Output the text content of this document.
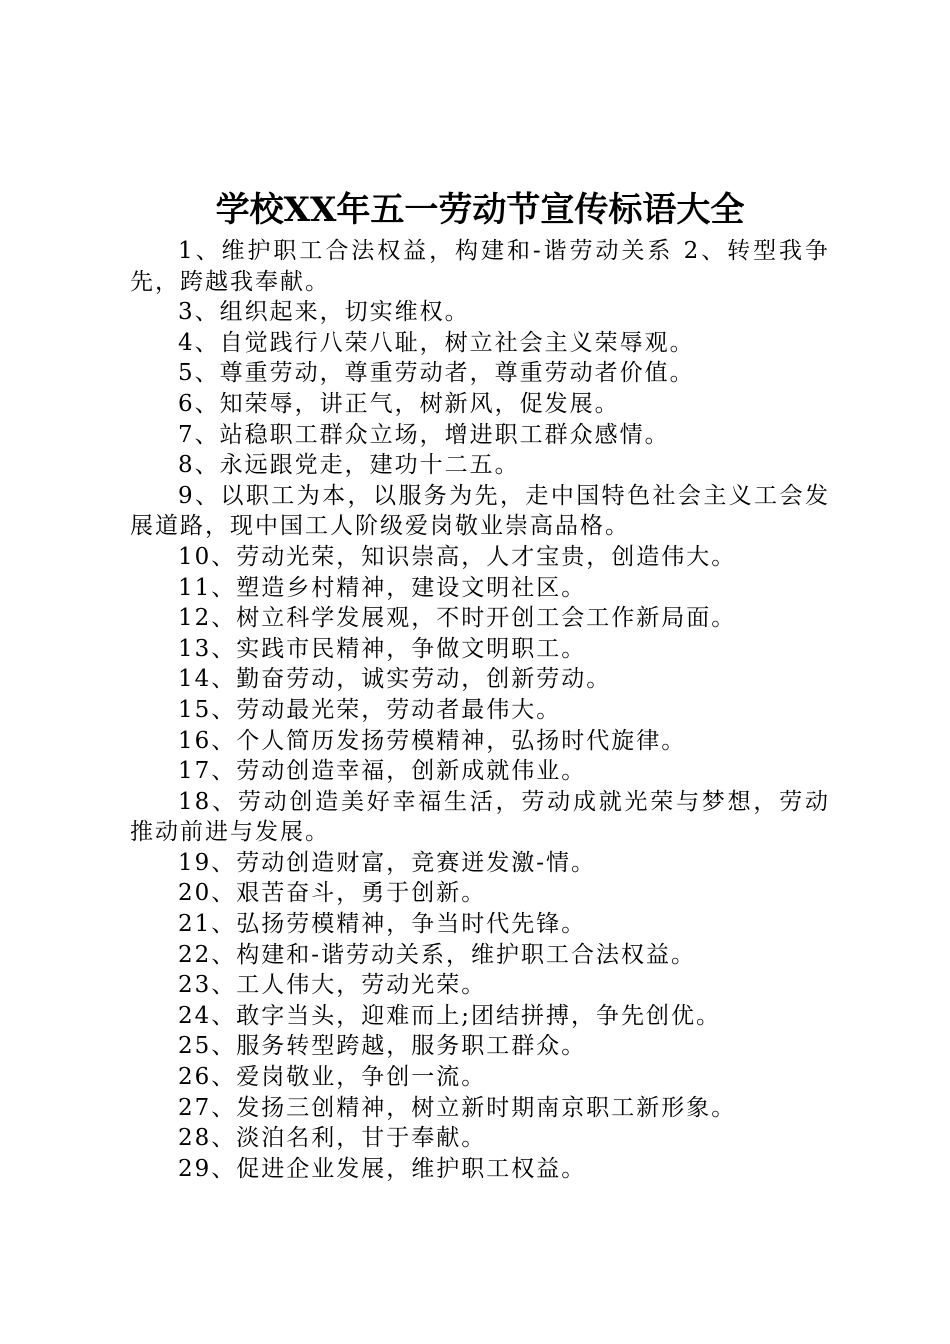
学校XX年五一劳动节宣传标语大全

1、维护职工合法权益，构建和-谐劳动关系 2、转型我争先，跨越我奉献。

3、组织起来，切实维权。

4、自觉践行八荣八耻，树立社会主义荣辱观。

5、尊重劳动，尊重劳动者，尊重劳动者价值。

6、知荣辱，讲正气，树新风，促发展。

7、站稳职工群众立场，增进职工群众感情。

8、永远跟党走，建功十二五。

9、以职工为本，以服务为先，走中国特色社会主义工会发展道路，现中国工人阶级爱岗敬业崇高品格。

10、劳动光荣，知识崇高，人才宝贵，创造伟大。

11、塑造乡村精神，建设文明社区。

12、树立科学发展观，不时开创工会工作新局面。

13、实践市民精神，争做文明职工。

14、勤奋劳动，诚实劳动，创新劳动。

15、劳动最光荣，劳动者最伟大。

16、个人简历发扬劳模精神，弘扬时代旋律。

17、劳动创造幸福，创新成就伟业。

18、劳动创造美好幸福生活，劳动成就光荣与梦想，劳动推动前进与发展。

19、劳动创造财富，竞赛迸发激-情。

20、艰苦奋斗，勇于创新。

21、弘扬劳模精神，争当时代先锋。

22、构建和-谐劳动关系，维护职工合法权益。

23、工人伟大，劳动光荣。

24、敢字当头，迎难而上;团结拼搏，争先创优。

25、服务转型跨越，服务职工群众。

26、爱岗敬业，争创一流。

27、发扬三创精神，树立新时期南京职工新形象。

28、淡泊名利，甘于奉献。

29、促进企业发展，维护职工权益。
